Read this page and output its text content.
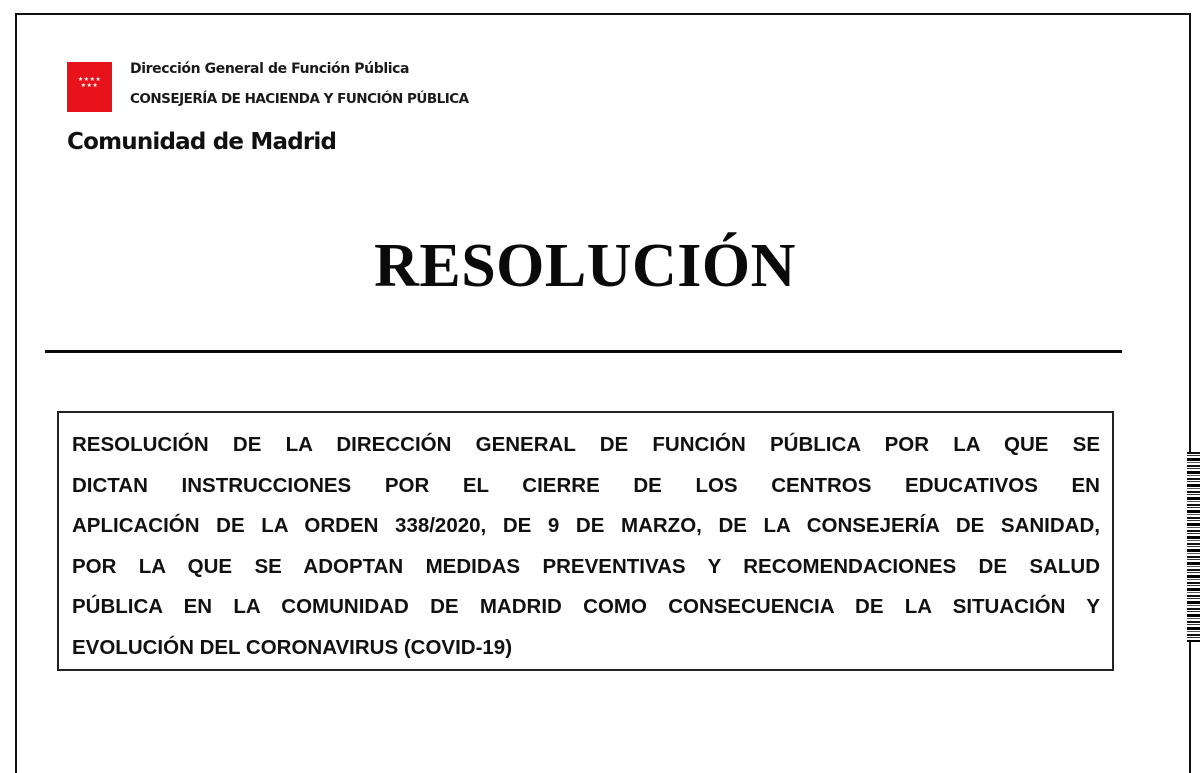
★★★★
★★★
Dirección General de Función Pública
CONSEJERÍA DE HACIENDA Y FUNCIÓN PÚBLICA
Comunidad de Madrid
RESOLUCIÓN
RESOLUCIÓN DE LA DIRECCIÓN GENERAL DE FUNCIÓN PÚBLICA POR LA QUE SE
DICTAN INSTRUCCIONES POR EL CIERRE DE LOS CENTROS EDUCATIVOS EN
APLICACIÓN DE LA ORDEN 338/2020, DE 9 DE MARZO, DE LA CONSEJERÍA DE SANIDAD,
POR LA QUE SE ADOPTAN MEDIDAS PREVENTIVAS Y RECOMENDACIONES DE SALUD
PÚBLICA EN LA COMUNIDAD DE MADRID COMO CONSECUENCIA DE LA SITUACIÓN Y
EVOLUCIÓN DEL CORONAVIRUS (COVID-19)
